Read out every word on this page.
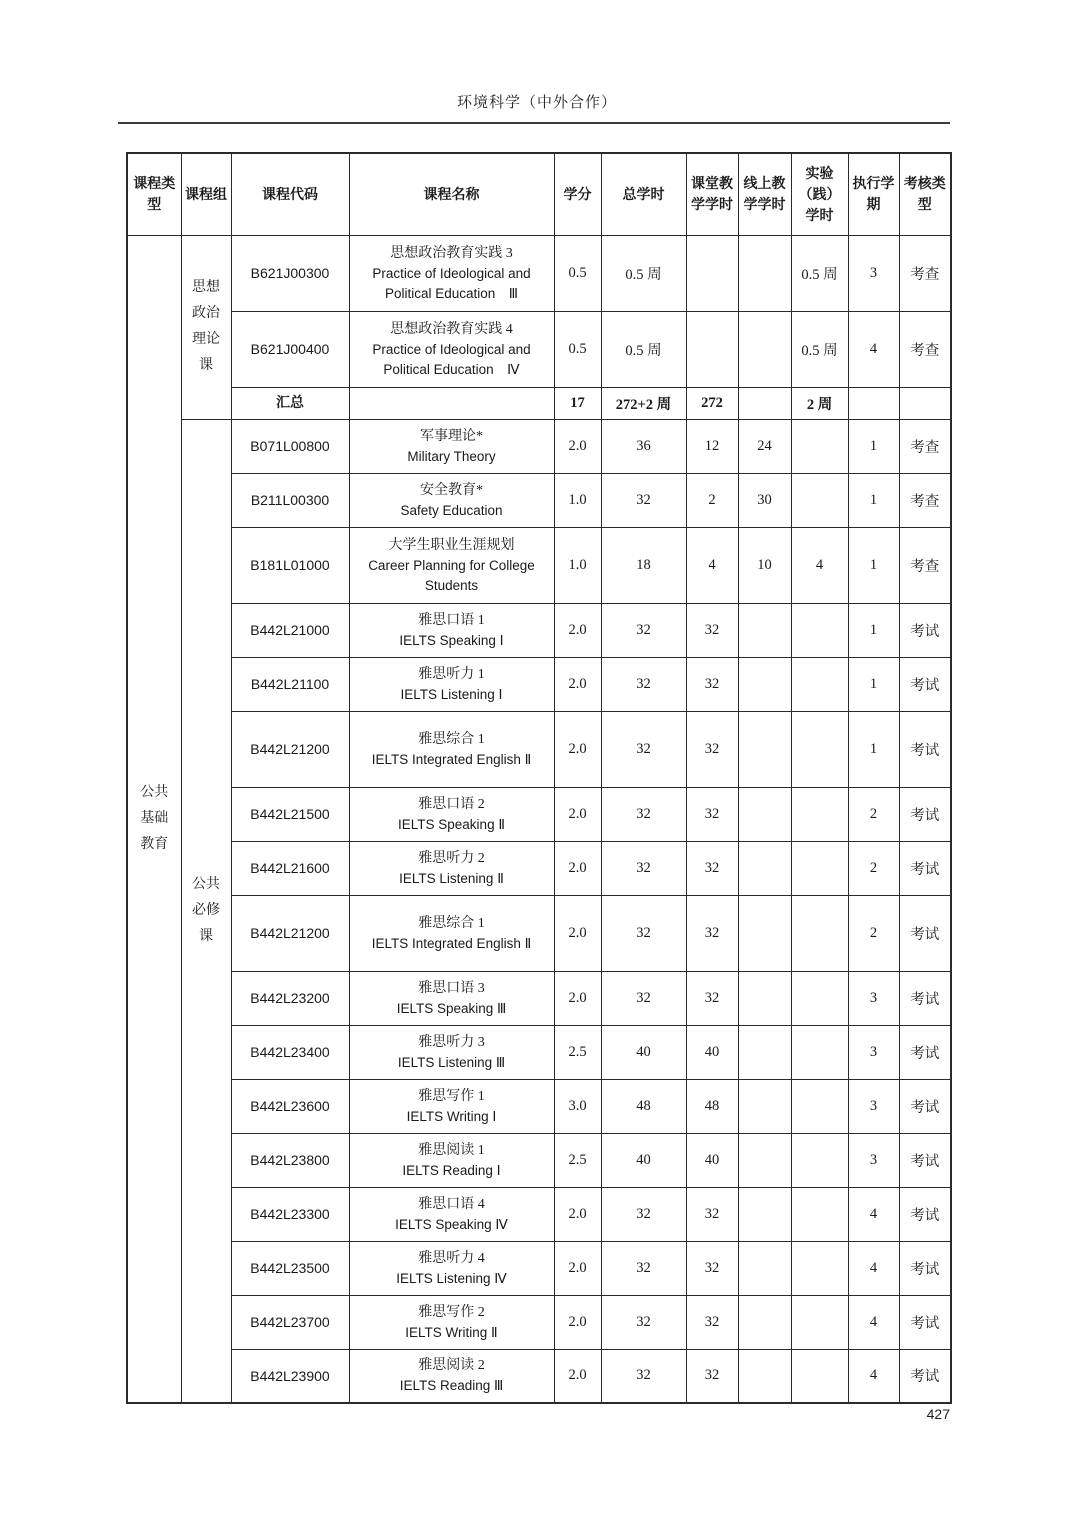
环境科学（中外合作）
课程类型	课程组	课程代码	课程名称	学分	总学时	课堂教学学时	线上教学学时	实验（践）学时	执行学期	考核类型
公共基础教育	思想政治理论课	B621J00300	思想政治教育实践 3
Practice of Ideological and Political Education　Ⅲ	0.5	0.5 周			0.5 周	3	考查
		B621J00400	思想政治教育实践 4
Practice of Ideological and Political Education　Ⅳ	0.5	0.5 周			0.5 周	4	考查
		汇总		17	272+2 周	272		2 周		
	公共必修课	B071L00800	军事理论*
Military Theory	2.0	36	12	24		1	考查
		B211L00300	安全教育*
Safety Education	1.0	32	2	30		1	考查
		B181L01000	大学生职业生涯规划
Career Planning for College Students	1.0	18	4	10	4	1	考查
		B442L21000	雅思口语 1
IELTS Speaking Ⅰ	2.0	32	32			1	考试
		B442L21100	雅思听力 1
IELTS Listening Ⅰ	2.0	32	32			1	考试
		B442L21200	雅思综合 1
IELTS Integrated English Ⅱ	2.0	32	32			1	考试
		B442L21500	雅思口语 2
IELTS Speaking Ⅱ	2.0	32	32			2	考试
		B442L21600	雅思听力 2
IELTS Listening Ⅱ	2.0	32	32			2	考试
		B442L21200	雅思综合 1
IELTS Integrated English Ⅱ	2.0	32	32			2	考试
		B442L23200	雅思口语 3
IELTS Speaking Ⅲ	2.0	32	32			3	考试
		B442L23400	雅思听力 3
IELTS Listening Ⅲ	2.5	40	40			3	考试
		B442L23600	雅思写作 1
IELTS Writing Ⅰ	3.0	48	48			3	考试
		B442L23800	雅思阅读 1
IELTS Reading Ⅰ	2.5	40	40			3	考试
		B442L23300	雅思口语 4
IELTS Speaking Ⅳ	2.0	32	32			4	考试
		B442L23500	雅思听力 4
IELTS Listening Ⅳ	2.0	32	32			4	考试
		B442L23700	雅思写作 2
IELTS Writing Ⅱ	2.0	32	32			4	考试
		B442L23900	雅思阅读 2
IELTS Reading Ⅲ	2.0	32	32			4	考试
427
